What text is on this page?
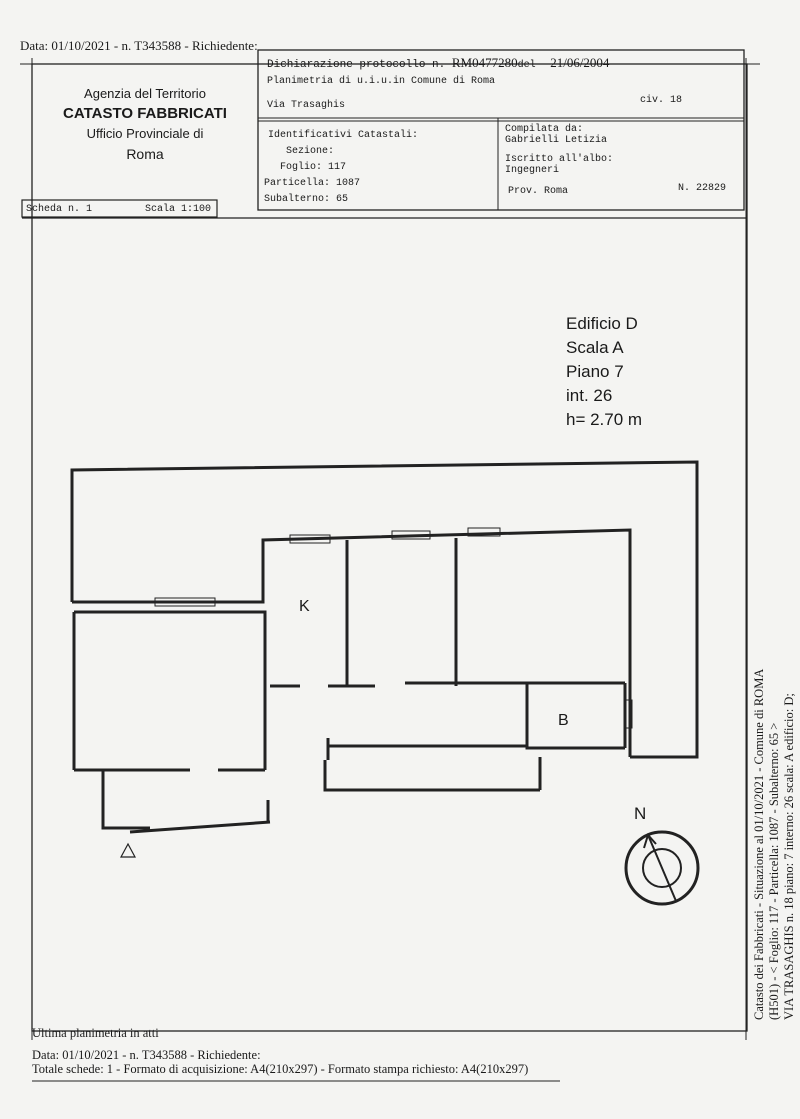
Data: 01/10/2021 - n. T343588 - Richiedente:
Agenzia del Territorio
CATASTO FABBRICATI
Ufficio Provinciale di
Roma
Dichiarazione protocollo n. RM0477280del 21/06/2004
Planimetria di u.i.u.in Comune di Roma
Via Trasaghis	civ. 18
Identificativi Catastali:
Sezione:
Foglio: 117
Particella: 1087
Subalterno: 65
Compilata da:
Gabrielli Letizia
Iscritto all'albo:
Ingegneri
Prov. Roma	N. 22829
Scheda n. 1	Scala 1:100
Edificio D
Scala A
Piano 7
int. 26
h= 2.70 m
K
B
N	Catasto dei Fabbricati - Situazione al 01/10/2021 - Comune di ROMA (H501) - < Foglio: 117 - Particella: 1087 - Subalterno: 65 > VIA TRASAGHIS n. 18 piano: 7 interno: 26 scala: A edificio: D;
Ultima planimetria in atti
Data: 01/10/2021 - n. T343588 - Richiedente:
Totale schede: 1 - Formato di acquisizione: A4(210x297) - Formato stampa richiesto: A4(210x297)
